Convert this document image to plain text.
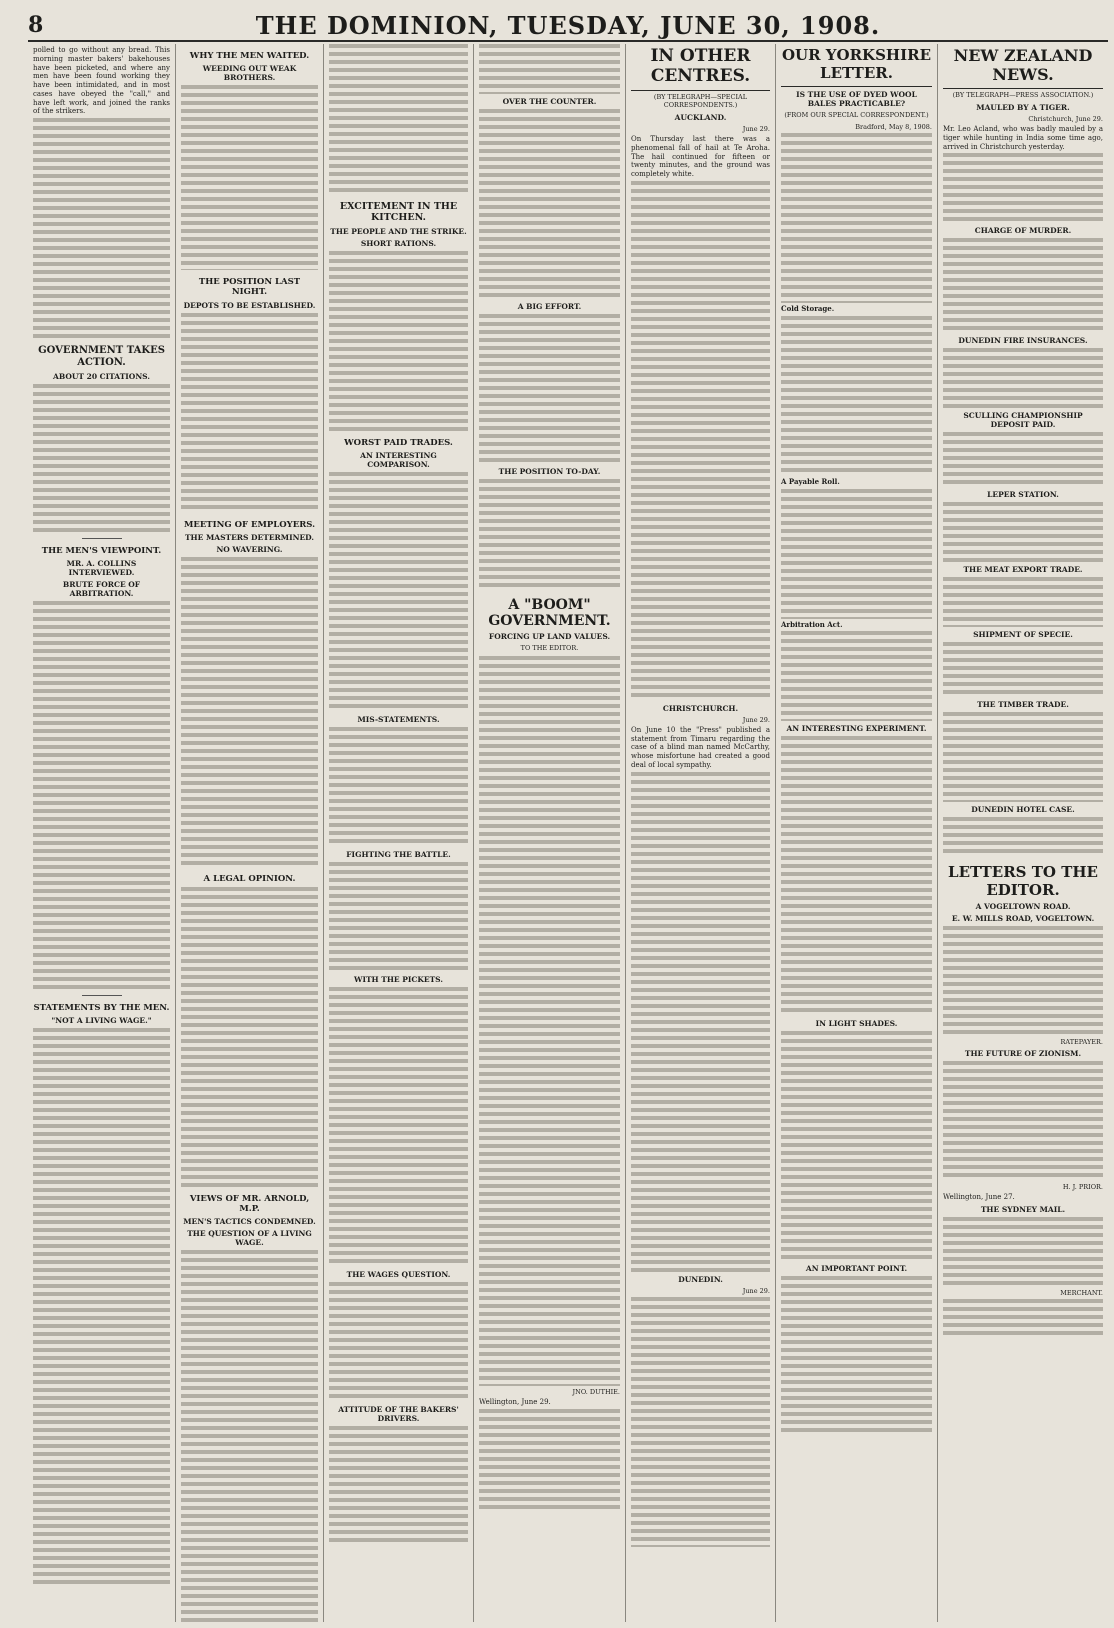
8	THE DOMINION, TUESDAY, JUNE 30, 1908.
polled to go without any bread. This morning master bakers' bakehouses have been picketed, and where any men have been found working they have been intimidated, and in most cases have obeyed the "call," and have left work, and joined the ranks of the strikers.
GOVERNMENT TAKES ACTION.
ABOUT 20 CITATIONS.
THE MEN'S VIEWPOINT.
MR. A. COLLINS INTERVIEWED.
BRUTE FORCE OF ARBITRATION.
STATEMENTS BY THE MEN.
"NOT A LIVING WAGE."
WHY THE MEN WAITED.
WEEDING OUT WEAK BROTHERS.
THE POSITION LAST NIGHT.
DEPOTS TO BE ESTABLISHED.
MEETING OF EMPLOYERS.
THE MASTERS DETERMINED.
NO WAVERING.
A LEGAL OPINION.
VIEWS OF MR. ARNOLD, M.P.
MEN'S TACTICS CONDEMNED.
THE QUESTION OF A LIVING WAGE.
EXCITEMENT IN THE KITCHEN.
THE PEOPLE AND THE STRIKE.
SHORT RATIONS.
WORST PAID TRADES.
AN INTERESTING COMPARISON.
MIS-STATEMENTS.
FIGHTING THE BATTLE.
WITH THE PICKETS.
THE WAGES QUESTION.
ATTITUDE OF THE BAKERS' DRIVERS.
OVER THE COUNTER.
A BIG EFFORT.
THE POSITION TO-DAY.
A "BOOM" GOVERNMENT.
FORCING UP LAND VALUES.
TO THE EDITOR.
JNO. DUTHIE.
Wellington, June 29.
IN OTHER CENTRES.
(BY TELEGRAPH—SPECIAL CORRESPONDENTS.)
AUCKLAND.
June 29.
On Thursday last there was a phenomenal fall of hail at Te Aroha. The hail continued for fifteen or twenty minutes, and the ground was completely white.
CHRISTCHURCH.
June 29.
On June 10 the "Press" published a statement from Timaru regarding the case of a blind man named McCarthy, whose misfortune had created a good deal of local sympathy.
DUNEDIN.
June 29.
OUR YORKSHIRE LETTER.
IS THE USE OF DYED WOOL BALES PRACTICABLE?
(FROM OUR SPECIAL CORRESPONDENT.)
Bradford, May 8, 1908.
Cold Storage.
A Payable Roll.
Arbitration Act.
AN INTERESTING EXPERIMENT.
IN LIGHT SHADES.
AN IMPORTANT POINT.
NEW ZEALAND NEWS.
(BY TELEGRAPH—PRESS ASSOCIATION.)
MAULED BY A TIGER.
Christchurch, June 29.
Mr. Leo Acland, who was badly mauled by a tiger while hunting in India some time ago, arrived in Christchurch yesterday.
CHARGE OF MURDER.
DUNEDIN FIRE INSURANCES.
SCULLING CHAMPIONSHIP DEPOSIT PAID.
LEPER STATION.
THE MEAT EXPORT TRADE.
SHIPMENT OF SPECIE.
THE TIMBER TRADE.
DUNEDIN HOTEL CASE.
LETTERS TO THE EDITOR.
A VOGELTOWN ROAD.
E. W. MILLS ROAD, VOGELTOWN.
RATEPAYER.
THE FUTURE OF ZIONISM.
H. J. PRIOR.
Wellington, June 27.
THE SYDNEY MAIL.
MERCHANT.
